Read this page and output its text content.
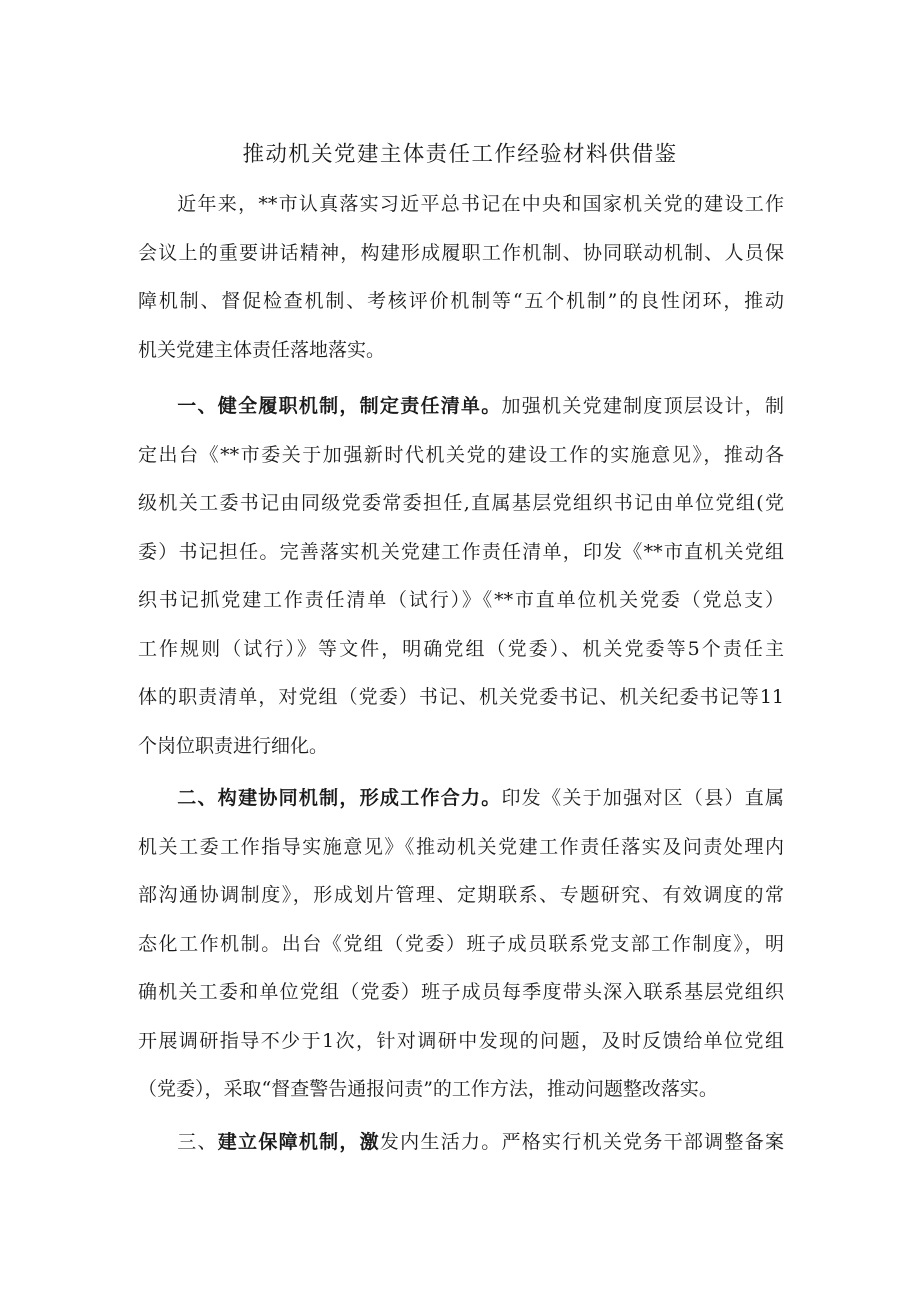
推动机关党建主体责任工作经验材料供借鉴
近年来，**市认真落实习近平总书记在中央和国家机关党的建设工作
会议上的重要讲话精神，构建形成履职工作机制、协同联动机制、人员保
障机制、督促检查机制、考核评价机制等“五个机制”的良性闭环，推动
机关党建主体责任落地落实。
一、健全履职机制，制定责任清单。加强机关党建制度顶层设计，制
定出台《**市委关于加强新时代机关党的建设工作的实施意见》，推动各
级机关工委书记由同级党委常委担任,直属基层党组织书记由单位党组(党
委）书记担任。完善落实机关党建工作责任清单，印发《**市直机关党组
织书记抓党建工作责任清单（试行）》《**市直单位机关党委（党总支）
工作规则（试行）》等文件，明确党组（党委）、机关党委等5个责任主
体的职责清单，对党组（党委）书记、机关党委书记、机关纪委书记等11
个岗位职责进行细化。
二、构建协同机制，形成工作合力。印发《关于加强对区（县）直属
机关工委工作指导实施意见》《推动机关党建工作责任落实及问责处理内
部沟通协调制度》，形成划片管理、定期联系、专题研究、有效调度的常
态化工作机制。出台《党组（党委）班子成员联系党支部工作制度》，明
确机关工委和单位党组（党委）班子成员每季度带头深入联系基层党组织
开展调研指导不少于1次，针对调研中发现的问题，及时反馈给单位党组
（党委），采取“督查警告通报问责”的工作方法，推动问题整改落实。
三、建立保障机制，激发内生活力。严格实行机关党务干部调整备案
